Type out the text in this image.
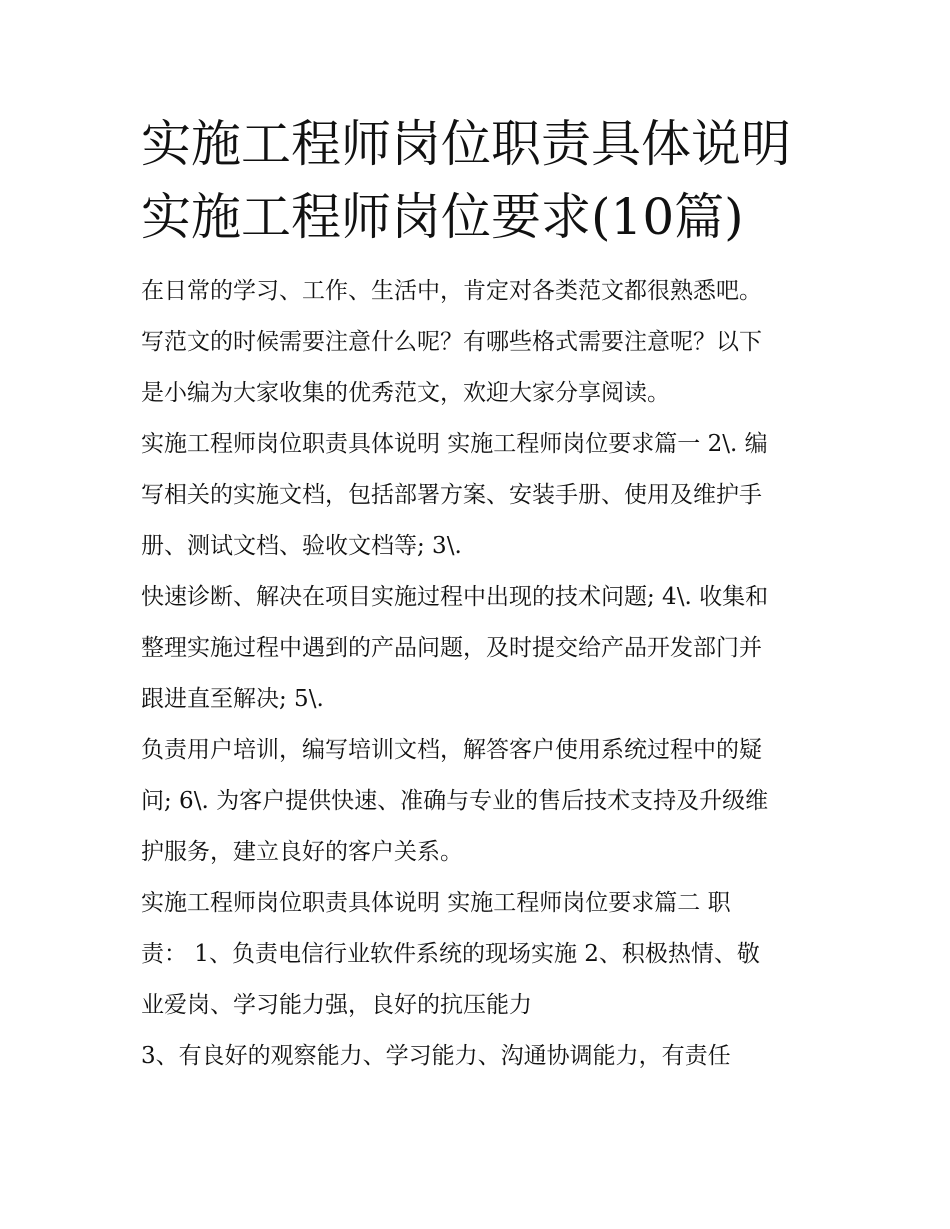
实施工程师岗位职责具体说明
实施工程师岗位要求(10篇)
在日常的学习、工作、生活中，肯定对各类范文都很熟悉吧。
写范文的时候需要注意什么呢？有哪些格式需要注意呢？以下
是小编为大家收集的优秀范文，欢迎大家分享阅读。
实施工程师岗位职责具体说明 实施工程师岗位要求篇一 2\. 编
写相关的实施文档，包括部署方案、安装手册、使用及维护手
册、测试文档、验收文档等; 3\.
快速诊断、解决在项目实施过程中出现的技术问题; 4\. 收集和
整理实施过程中遇到的产品问题，及时提交给产品开发部门并
跟进直至解决; 5\.
负责用户培训，编写培训文档，解答客户使用系统过程中的疑
问; 6\. 为客户提供快速、准确与专业的售后技术支持及升级维
护服务，建立良好的客户关系。
实施工程师岗位职责具体说明 实施工程师岗位要求篇二 职
责： 1、负责电信行业软件系统的现场实施 2、积极热情、敬
业爱岗、学习能力强，良好的抗压能力
3、有良好的观察能力、学习能力、沟通协调能力，有责任
